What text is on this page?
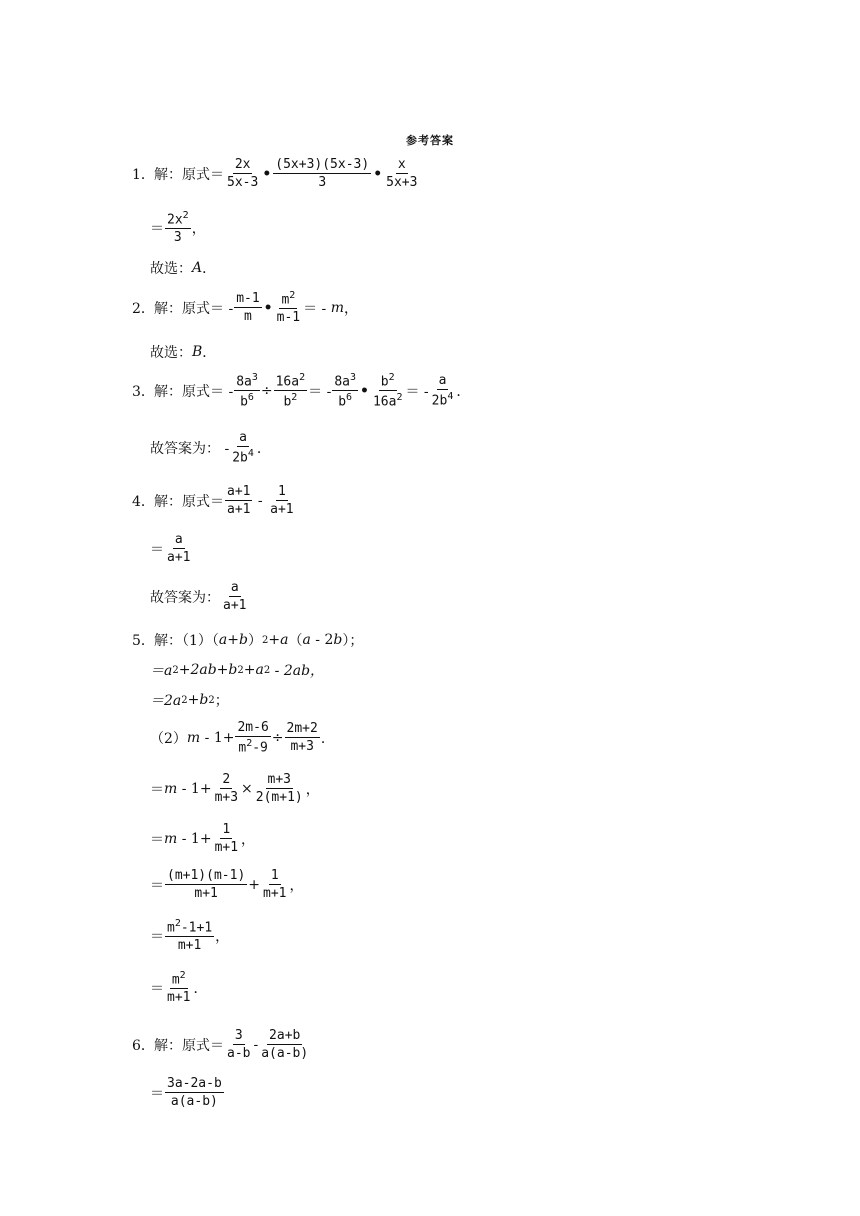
参考答案
1． 解：原式＝ $\frac{2x}{5x-3}$ • $\frac{(5x+3)(5x-3)}{3}$ • $\frac{x}{5x+3}$
＝ $\frac{2x^2}{3}$ ，
故选： A ．
2． 解：原式＝ - $\frac{m-1}{m}$ • $\frac{m^2}{m-1}$ ＝ -
m ，
故选： B ．
3． 解：原式＝ - $\frac{8a^3}{b^6} \div \frac{16a^2}{b^2}$ ＝ - $\frac{8a^3}{b^6}$ • $\frac{b^2}{16a^2}$ ＝ - $\frac{a}{2b^4}$ ．
故答案为： - $\frac{a}{2b^4}$ ．
4． 解：原式＝ $\frac{a+1}{a+1} - \frac{1}{a+1}$
＝ $\frac{a}{a+1}$
故答案为： $\frac{a}{a+1}$
5． 解：（1）（ a + b ） 2 + a （ a - 2 b ）；
＝a 2 +2ab+b 2 +a 2 - 2ab，
＝2a 2 +b 2 ；
（2） $m - 1+ \frac{2m-6}{m^2-9} \div \frac{2m+2}{m+3}$ ．
＝ $m - 1+ \frac{2}{m+3} \times \frac{m+3}{2(m+1)}$ ，
＝ $m - 1+ \frac{1}{m+1}$ ，
＝ $\frac{(m+1)(m-1)}{m+1} + \frac{1}{m+1}$ ，
＝ $\frac{m^2-1+1}{m+1}$ ，
＝ $\frac{m^2}{m+1}$ ．
6． 解：原式＝ $\frac{3}{a-b} - \frac{2a+b}{a(a-b)}$
＝ $\frac{3a-2a-b}{a(a-b)}$
